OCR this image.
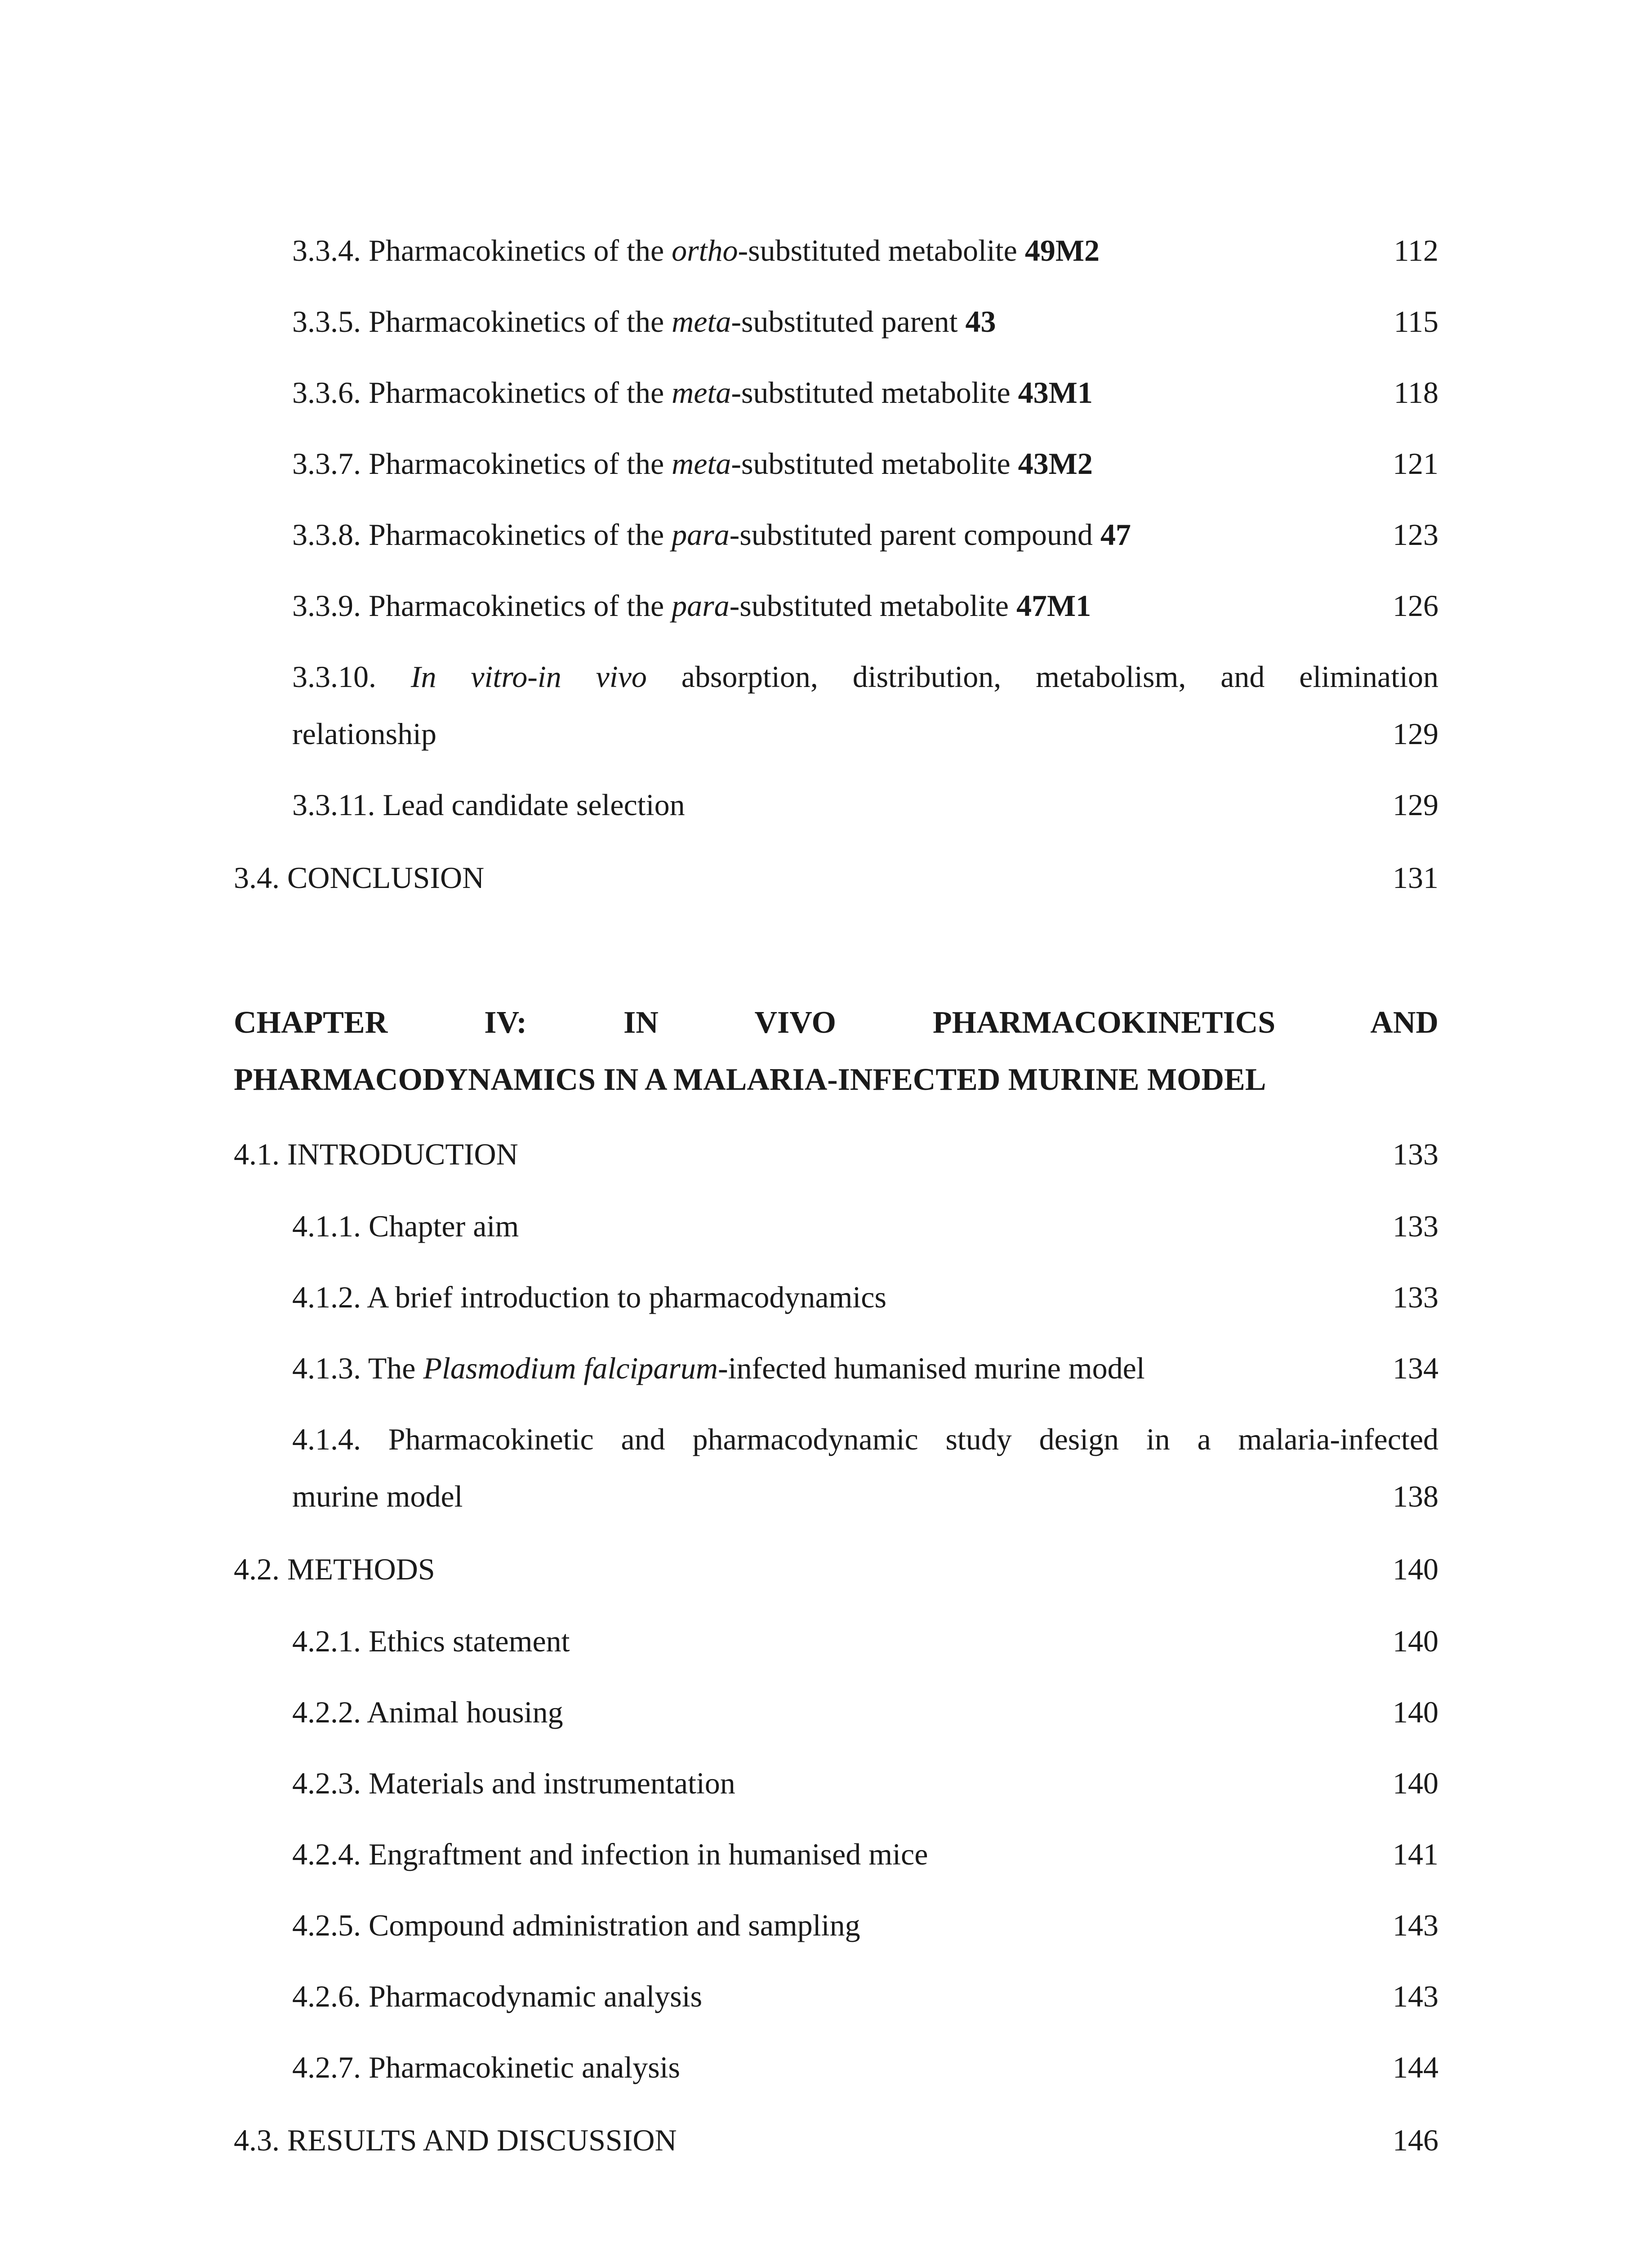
3.3.4. Pharmacokinetics of the ortho-substituted metabolite 49M2	112
3.3.5. Pharmacokinetics of the meta-substituted parent 43	115
3.3.6. Pharmacokinetics of the meta-substituted metabolite 43M1	118
3.3.7. Pharmacokinetics of the meta-substituted metabolite 43M2	121
3.3.8. Pharmacokinetics of the para-substituted parent compound 47	123
3.3.9. Pharmacokinetics of the para-substituted metabolite 47M1	126
3.3.10. In vitro-in vivo absorption, distribution, metabolism, and elimination
relationship	129
3.3.11. Lead candidate selection	129
3.4. CONCLUSION	131
CHAPTER IV: IN VIVO PHARMACOKINETICS AND
PHARMACODYNAMICS IN A MALARIA-INFECTED MURINE MODEL
4.1. INTRODUCTION	133
4.1.1. Chapter aim	133
4.1.2. A brief introduction to pharmacodynamics	133
4.1.3. The Plasmodium falciparum-infected humanised murine model	134
4.1.4. Pharmacokinetic and pharmacodynamic study design in a malaria-infected
murine model	138
4.2. METHODS	140
4.2.1. Ethics statement	140
4.2.2. Animal housing	140
4.2.3. Materials and instrumentation	140
4.2.4. Engraftment and infection in humanised mice	141
4.2.5. Compound administration and sampling	143
4.2.6. Pharmacodynamic analysis	143
4.2.7. Pharmacokinetic analysis	144
4.3. RESULTS AND DISCUSSION	146
